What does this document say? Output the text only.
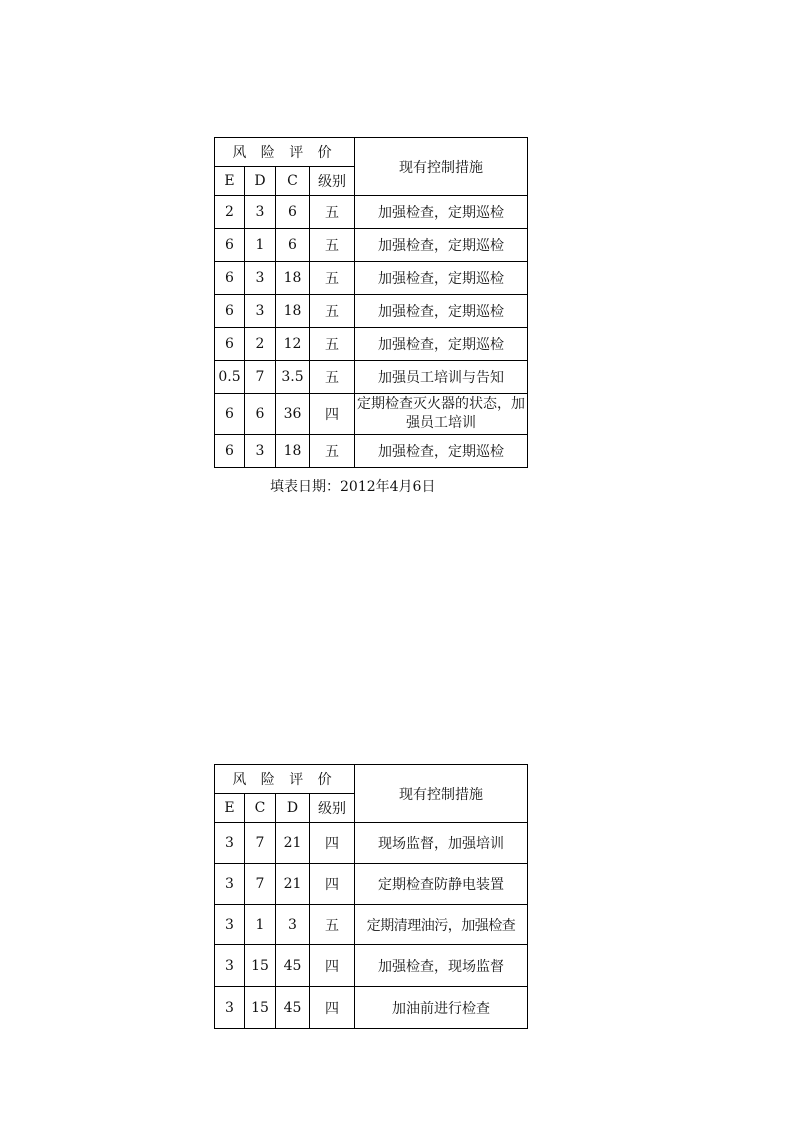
风 险 评 价				现有控制措施
E	D	C	级别	
2	3	6	五	加强检查，定期巡检
6	1	6	五	加强检查，定期巡检
6	3	18	五	加强检查，定期巡检
6	3	18	五	加强检查，定期巡检
6	2	12	五	加强检查，定期巡检
0.5	7	3.5	五	加强员工培训与告知
6	6	36	四	定期检查灭火器的状态，加强员工培训
6	3	18	五	加强检查，定期巡检
填表日期：2012年4月6日
风 险 评 价				现有控制措施
E	C	D	级别	
3	7	21	四	现场监督，加强培训
3	7	21	四	定期检查防静电装置
3	1	3	五	定期清理油污，加强检查
3	15	45	四	加强检查，现场监督
3	15	45	四	加油前进行检查
